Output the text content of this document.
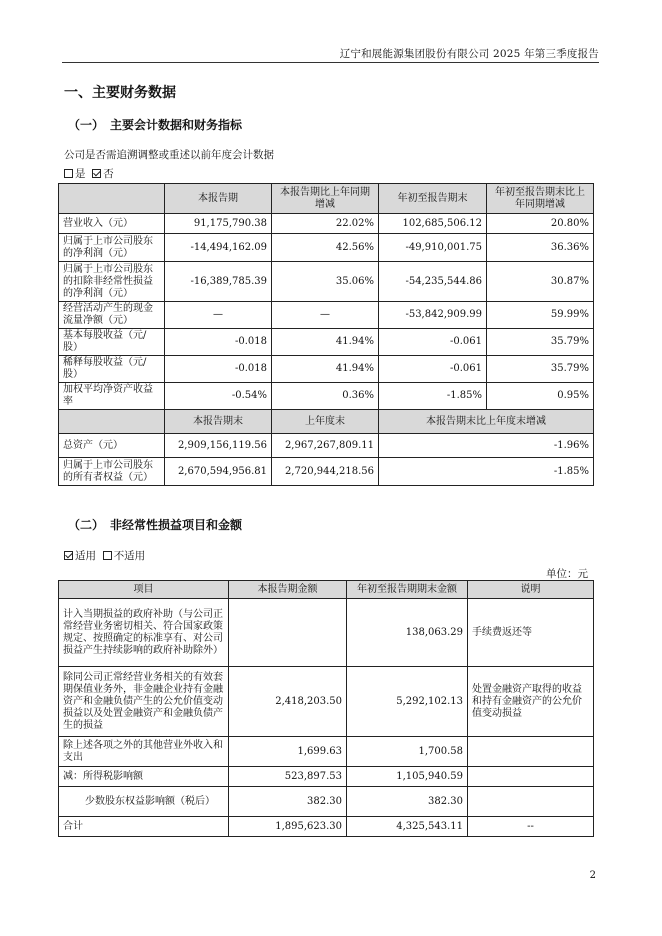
辽宁和展能源集团股份有限公司 2025 年第三季度报告
一、主要财务数据
（一）　主要会计数据和财务指标
公司是否需追溯调整或重述以前年度会计数据
是 否
	本报告期	本报告期比上年同期增减	年初至报告期末	年初至报告期末比上年同期增减
营业收入（元）	91,175,790.38	22.02%	102,685,506.12	20.80%
归属于上市公司股东的净利润（元）	-14,494,162.09	42.56%	-49,910,001.75	36.36%
归属于上市公司股东的扣除非经常性损益的净利润（元）	-16,389,785.39	35.06%	-54,235,544.86	30.87%
经营活动产生的现金流量净额（元）	—	—	-53,842,909.99	59.99%
基本每股收益（元/股）	-0.018	41.94%	-0.061	35.79%
稀释每股收益（元/股）	-0.018	41.94%	-0.061	35.79%
加权平均净资产收益率	-0.54%	0.36%	-1.85%	0.95%
	本报告期末	上年度末	本报告期末比上年度末增减	
总资产（元）	2,909,156,119.56	2,967,267,809.11	-1.96%	
归属于上市公司股东的所有者权益（元）	2,670,594,956.81	2,720,944,218.56	-1.85%	
（二）　非经常性损益项目和金额
适用 不适用
单位：元
项目	本报告期金额	年初至报告期期末金额	说明
计入当期损益的政府补助（与公司正常经营业务密切相关、符合国家政策规定、按照确定的标准享有、对公司损益产生持续影响的政府补助除外）		138,063.29	手续费返还等
除同公司正常经营业务相关的有效套期保值业务外，非金融企业持有金融资产和金融负债产生的公允价值变动损益以及处置金融资产和金融负债产生的损益	2,418,203.50	5,292,102.13	处置金融资产取得的收益和持有金融资产的公允价值变动损益
除上述各项之外的其他营业外收入和支出	1,699.63	1,700.58	
减：所得税影响额	523,897.53	1,105,940.59	
少数股东权益影响额（税后）	382.30	382.30	
合计	1,895,623.30	4,325,543.11	--
2
